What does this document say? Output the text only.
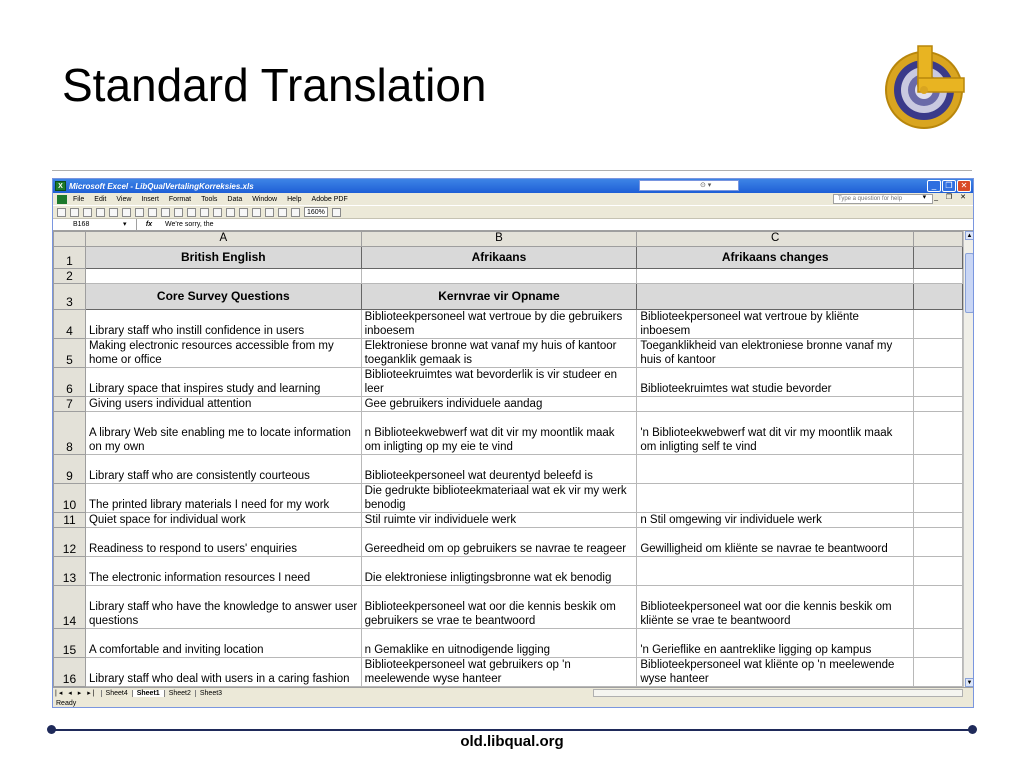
Standard Translation
X Microsoft Excel - LibQualVertalingKorreksies.xls	⊙ ▾	_	❐	✕
File Edit View Insert Format Tools Data Window Help Adobe PDF	Type a question for help	▾ _ ❐ ✕
160%
B168	▾	fx	We're sorry, the
	A	B	C	
1	British English	Afrikaans	Afrikaans changes	
2				
3	Core Survey Questions	Kernvrae vir Opname		
4	Library staff who instill confidence in users	Biblioteekpersoneel wat vertroue by die gebruikers inboesem	Biblioteekpersoneel wat vertroue by kliënte inboesem	
5	Making electronic resources accessible from my home or office	Elektroniese bronne wat vanaf my huis of kantoor toeganklik gemaak is	Toeganklikheid van elektroniese bronne vanaf my huis of kantoor	
6	Library space that inspires study and learning	Biblioteekruimtes wat bevorderlik is vir studeer en leer	Biblioteekruimtes wat studie bevorder	
7	Giving users individual attention	Gee gebruikers individuele aandag		
8	A library Web site enabling me to locate information on my own	n Biblioteekwebwerf wat dit vir my moontlik maak om inligting op my eie te vind	'n Biblioteekwebwerf wat dit vir my moontlik maak om inligting self te vind	
9	Library staff who are consistently courteous	Biblioteekpersoneel wat deurentyd beleefd is		
10	The printed library materials I need for my work	Die gedrukte biblioteekmateriaal wat ek vir my werk benodig		
11	Quiet space for individual work	Stil ruimte vir individuele werk	n Stil omgewing vir individuele werk	
12	Readiness to respond to users' enquiries	Gereedheid om op gebruikers se navrae te reageer	Gewilligheid om kliënte se navrae te beantwoord	
13	The electronic information resources I need	Die elektroniese inligtingsbronne wat ek benodig		
14	Library staff who have the knowledge to answer user questions	Biblioteekpersoneel wat oor die kennis beskik om gebruikers se vrae te beantwoord	Biblioteekpersoneel wat oor die kennis beskik om kliënte se vrae te beantwoord	
15	A comfortable and inviting location	n Gemaklike en uitnodigende ligging	'n Gerieflike en aantreklike ligging op kampus	
16	Library staff who deal with users in a caring fashion	Biblioteekpersoneel wat gebruikers op 'n meelewende wyse hanteer	Biblioteekpersoneel wat kliënte op 'n meelewende wyse hanteer	
▲
▼
|◂ ◂ ▸ ▸|	Sheet4	Sheet1	Sheet2	Sheet3
Ready
old.libqual.org
